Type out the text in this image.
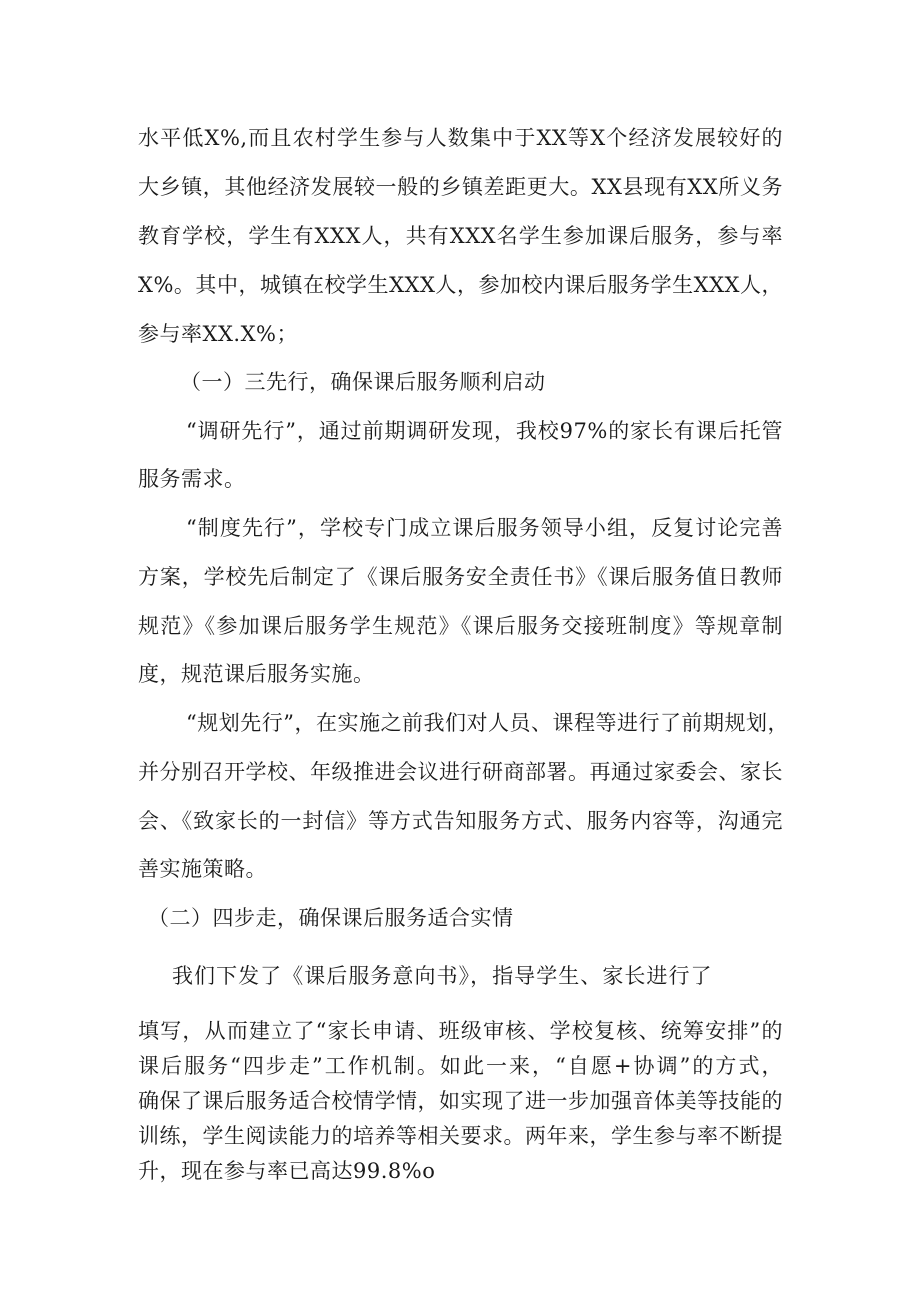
水平低X%,而且农村学生参与人数集中于XX等X个经济发展较好的
大乡镇，其他经济发展较一般的乡镇差距更大。XX县现有XX所义务
教育学校，学生有XXX人，共有XXX名学生参加课后服务，参与率
X%。其中，城镇在校学生XXX人，参加校内课后服务学生XXX人，
参与率XX.X%；
（一）三先行，确保课后服务顺利启动
“调研先行”，通过前期调研发现，我校97%的家长有课后托管
服务需求。
“制度先行”，学校专门成立课后服务领导小组，反复讨论完善
方案，学校先后制定了《课后服务安全责任书》《课后服务值日教师
规范》《参加课后服务学生规范》《课后服务交接班制度》等规章制
度，规范课后服务实施。
“规划先行”，在实施之前我们对人员、课程等进行了前期规划，
并分别召开学校、年级推进会议进行研商部署。再通过家委会、家长
会、《致家长的一封信》等方式告知服务方式、服务内容等，沟通完
善实施策略。
（二）四步走，确保课后服务适合实情
我们下发了《课后服务意向书》，指导学生、家长进行了
填写，从而建立了“家长申请、班级审核、学校复核、统筹安排”的
课后服务“四步走”工作机制。如此一来，“自愿+协调”的方式，
确保了课后服务适合校情学情，如实现了进一步加强音体美等技能的
训练，学生阅读能力的培养等相关要求。两年来，学生参与率不断提
升，现在参与率已高达99.8%o
